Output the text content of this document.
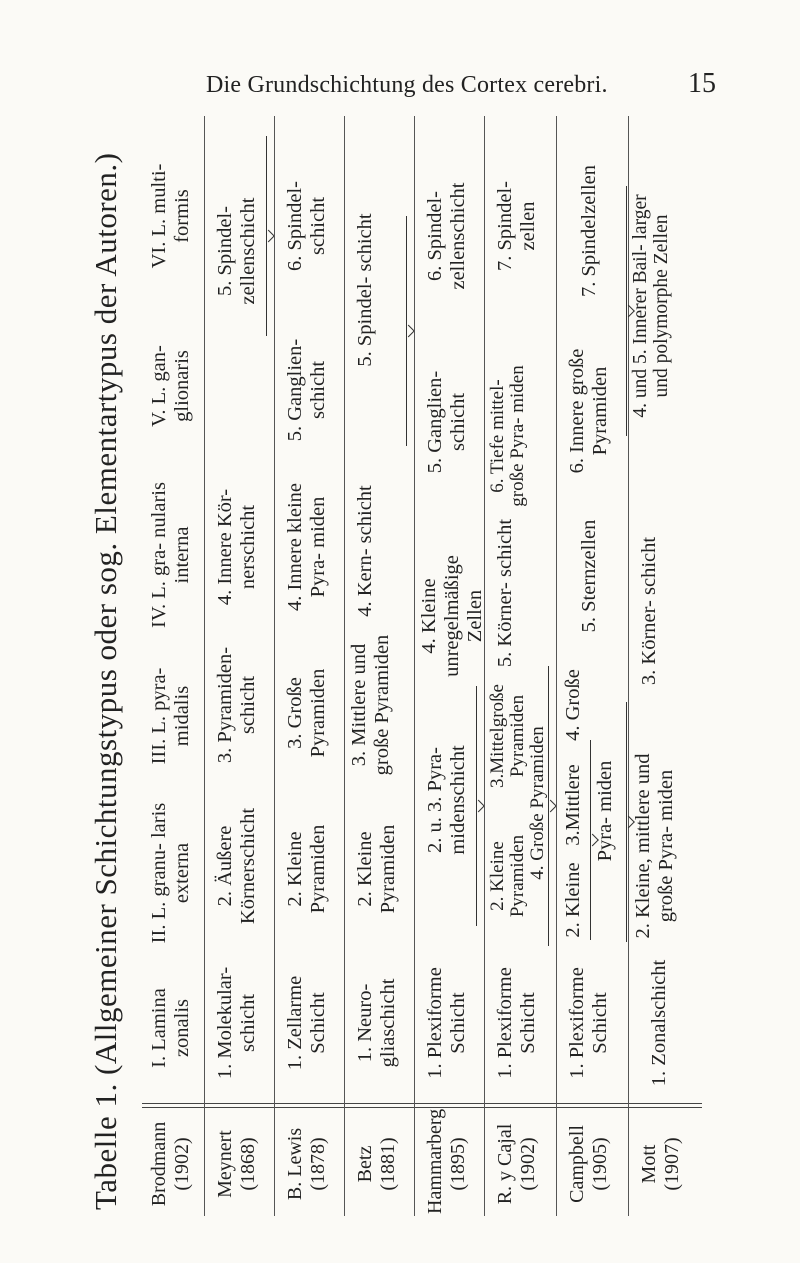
Die Grundschichtung des Cortex cerebri.	15
Tabelle 1. (Allgemeiner Schichtungstypus oder sog. Elementartypus der Autoren.)	Brodmann (1902)
I. Lamina zonalis
II. L. granu- laris externa
III. L. pyra- midalis
IV. L. gra- nularis interna
V. L. gan- glionaris
VI. L. multi- formis
Meynert (1868)
1. Molekular- schicht
2. Äußere Körnerschicht
3. Pyramiden- schicht
4. Innere Kör- nerschicht
5. Spindel- zellenschicht
B. Lewis (1878)
1. Zellarme Schicht
2. Kleine Pyramiden
3. Große Pyramiden
4. Innere kleine Pyra- miden
5. Ganglien- schicht
6. Spindel- schicht
Betz (1881)
1. Neuro- gliaschicht
2. Kleine Pyramiden
3. Mittlere und große Pyramiden
4. Kern- schicht
5. Spindel- schicht
Hammarberg (1895)
1. Plexiforme Schicht
2. u. 3. Pyra- midenschicht
4. Kleine unregelmäßige Zellen
5. Ganglien- schicht
6. Spindel- zellenschicht
R. y Cajal (1902)
1. Plexiforme Schicht
2. Kleine Pyramiden
3.Mittelgroße Pyramiden
5. Körner- schicht
6. Tiefe mittel- große Pyra- miden
7. Spindel- zellen
4. Große Pyramiden
Campbell (1905)
1. Plexiforme Schicht
2. Kleine
3.Mittlere
4. Große
Pyra- miden
5. Sternzellen
6. Innere große Pyramiden
7. Spindelzellen
Mott (1907)
1. Zonalschicht
2. Kleine, mittlere und große Pyra- miden
3. Körner- schicht
4. und 5. Innerer Bail- larger und polymorphe Zellen
